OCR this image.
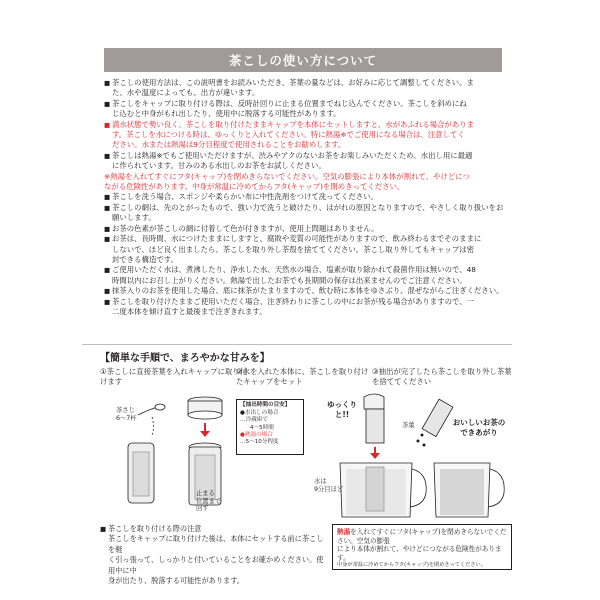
茶こしの使い方について
■ 茶こしの使用方法は、この説明書をお読みいただき、茶葉の量などは、お好みに応じて調整してください。ま
た、水や温度によっても、出方が違います。
■ 茶こしをキャップに取り付ける際は、反時計回りに止まる位置までねじ込んでください。茶こしを斜めにね
じ込むと中身がもれ出したり、使用中に脱落する可能性があります。
■ 満水状態で勢い良く、茶こしを取り付けたままキャップを本体にセットしますと、水があふれる場合がありま
す。茶こしを水につける時は、ゆっくりと入れてください。特に熱湯※でご使用になる場合は、注意してく
ださい。水または熱湯は9分目程度で使用されることをお勧めします。
■ 茶こしは熱湯※でもご使用いただけますが、渋みやアクのないお茶をお楽しみいただくため、水出し用に最適
に作られています。甘みのある水出しのお茶をお試しください。
※熱湯を入れてすぐにフタ(キャップ)を閉めきらないでください。空気の膨張により本体が割れて、やけどにつ
ながる危険性があります。中身が常温に冷めてからフタ(キャップ)を閉めきってください。
■ 茶こしを洗う場合、スポンジや柔らかい布に中性洗剤をつけて洗ってください。
■ 茶こしの網は、先のとがったもので、強い力で洗うと破けたり、はがれの原因となりますので、やさしく取り扱いをお
願いします。
■ お茶の色素が茶こしの網に付着して色が付きますが、使用上問題はありません。
■ お茶は、長時間、水につけたままにしますと、腐敗や変質の可能性がありますので、飲み終わるまでそのままに
しないで、ほど良く出ましたら、茶こしを取り外し茶殻を捨ててください。茶こし取り外してもキャップは密
封できる構造です。
■ ご使用いただく水は、煮沸したり、浄水した水、天然水の場合、塩素が取り除かれて殺菌作用は無いので、48
時間以内にお召し上がりください。熱湯で出したお茶でも長期間の保存は出来ませんのでご注意ください。
■ 抹茶入りのお茶を使用した場合、底に抹茶がたまりますので、飲む時に本体をゆさぶり、混ぜながらご注ぎください。
■ 茶こしを取り付けたままご使用いただく場合、注ぎ終わりに茶こしの中にお茶が残る場合がありますので、一
二度本体を傾け直すと最後まで注ぎきれます。
【簡単な手順で、まろやかな甘みを】
①茶こしに直接茶葉を入れキャップに取り付けます
②水を入れた本体に、茶こしを取り付けたキャップをセット
③抽出が完了したら茶こしを取り外し茶葉を捨ててください
茶さじ
6〜7杯
止まる
位置まで
回す
ゆっくりと!!
水は
9分目ほど
茶葉	おいしいお茶の
できあがり
【抽出時間の目安】
●水出しの場合
…冷蔵庫で
4〜5時間
●熱湯の場合
…5〜10分程度
■ 茶こしを取り付ける際の注意
茶こしをキャップに取り付けた後は、本体にセットする前に茶こしを軽
く引っ張って、しっかりと付いていることをお確かめください。使用中に中
身が出たり、脱落する可能性があります。
熱湯を入れてすぐにフタ(キャップ)を閉めきらないでください。空気の膨張
により本体が割れて、やけどにつながる危険性があります。
中身が常温に冷めてからフタ(キャップ)を閉めきってください。
